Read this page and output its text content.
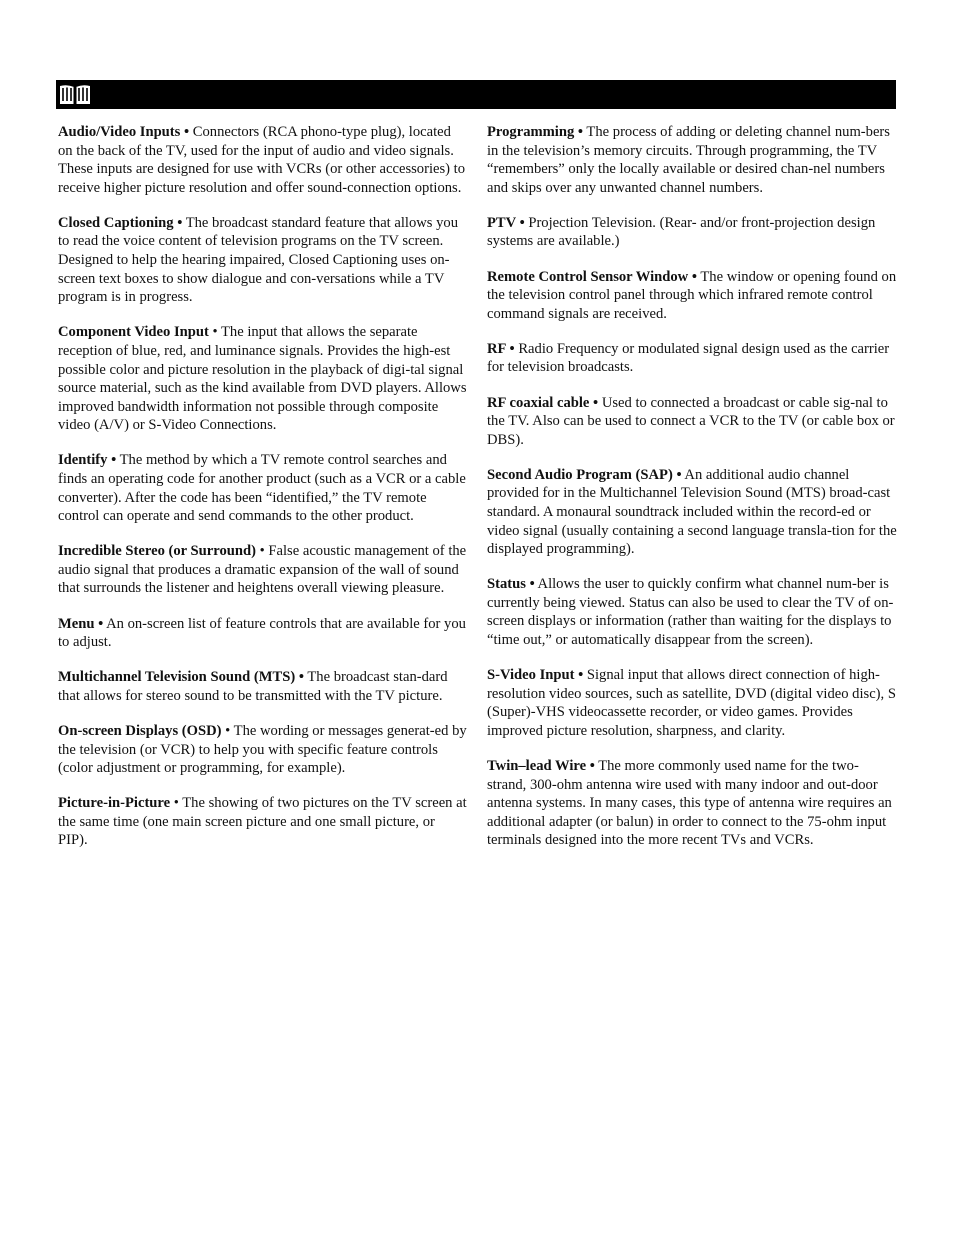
Audio/Video Inputs • Connectors (RCA phono-type plug), located on the back of the TV, used for the input of audio and video signals. These inputs are designed for use with VCRs (or other accessories) to receive higher picture resolution and offer sound-connection options.

Closed Captioning • The broadcast standard feature that allows you to read the voice content of television programs on the TV screen. Designed to help the hearing impaired, Closed Captioning uses on-screen text boxes to show dialogue and con-versations while a TV program is in progress.

Component Video Input • The input that allows the separate reception of blue, red, and luminance signals. Provides the high-est possible color and picture resolution in the playback of digi-tal signal source material, such as the kind available from DVD players. Allows improved bandwidth information not possible through composite video (A/V) or S-Video Connections.

Identify • The method by which a TV remote control searches and finds an operating code for another product (such as a VCR or a cable converter). After the code has been “identified,” the TV remote control can operate and send commands to the other product.

Incredible Stereo (or Surround) • False acoustic management of the audio signal that produces a dramatic expansion of the wall of sound that surrounds the listener and heightens overall viewing pleasure.

Menu • An on-screen list of feature controls that are available for you to adjust.

Multichannel Television Sound (MTS) • The broadcast stan-dard that allows for stereo sound to be transmitted with the TV picture.

On-screen Displays (OSD) • The wording or messages generat-ed by the television (or VCR) to help you with specific feature controls (color adjustment or programming, for example).

Picture-in-Picture • The showing of two pictures on the TV screen at the same time (one main screen picture and one small picture, or PIP).

Programming • The process of adding or deleting channel num-bers in the television’s memory circuits. Through programming, the TV “remembers” only the locally available or desired chan-nel numbers and skips over any unwanted channel numbers.

PTV • Projection Television. (Rear- and/or front-projection design systems are available.)

Remote Control Sensor Window • The window or opening found on the television control panel through which infrared remote control command signals are received.

RF • Radio Frequency or modulated signal design used as the carrier for television broadcasts.

RF coaxial cable • Used to connected a broadcast or cable sig-nal to the TV. Also can be used to connect a VCR to the TV (or cable box or DBS).

Second Audio Program (SAP) • An additional audio channel provided for in the Multichannel Television Sound (MTS) broad-cast standard. A monaural soundtrack included within the record-ed or video signal (usually containing a second language transla-tion for the displayed programming).

Status • Allows the user to quickly confirm what channel num-ber is currently being viewed. Status can also be used to clear the TV of on-screen displays or information (rather than waiting for the displays to “time out,” or automatically disappear from the screen).

S-Video Input • Signal input that allows direct connection of high-resolution video sources, such as satellite, DVD (digital video disc), S (Super)-VHS videocassette recorder, or video games. Provides improved picture resolution, sharpness, and clarity.

Twin–lead Wire • The more commonly used name for the two-strand, 300-ohm antenna wire used with many indoor and out-door antenna systems. In many cases, this type of antenna wire requires an additional adapter (or balun) in order to connect to the 75-ohm input terminals designed into the more recent TVs and VCRs.
